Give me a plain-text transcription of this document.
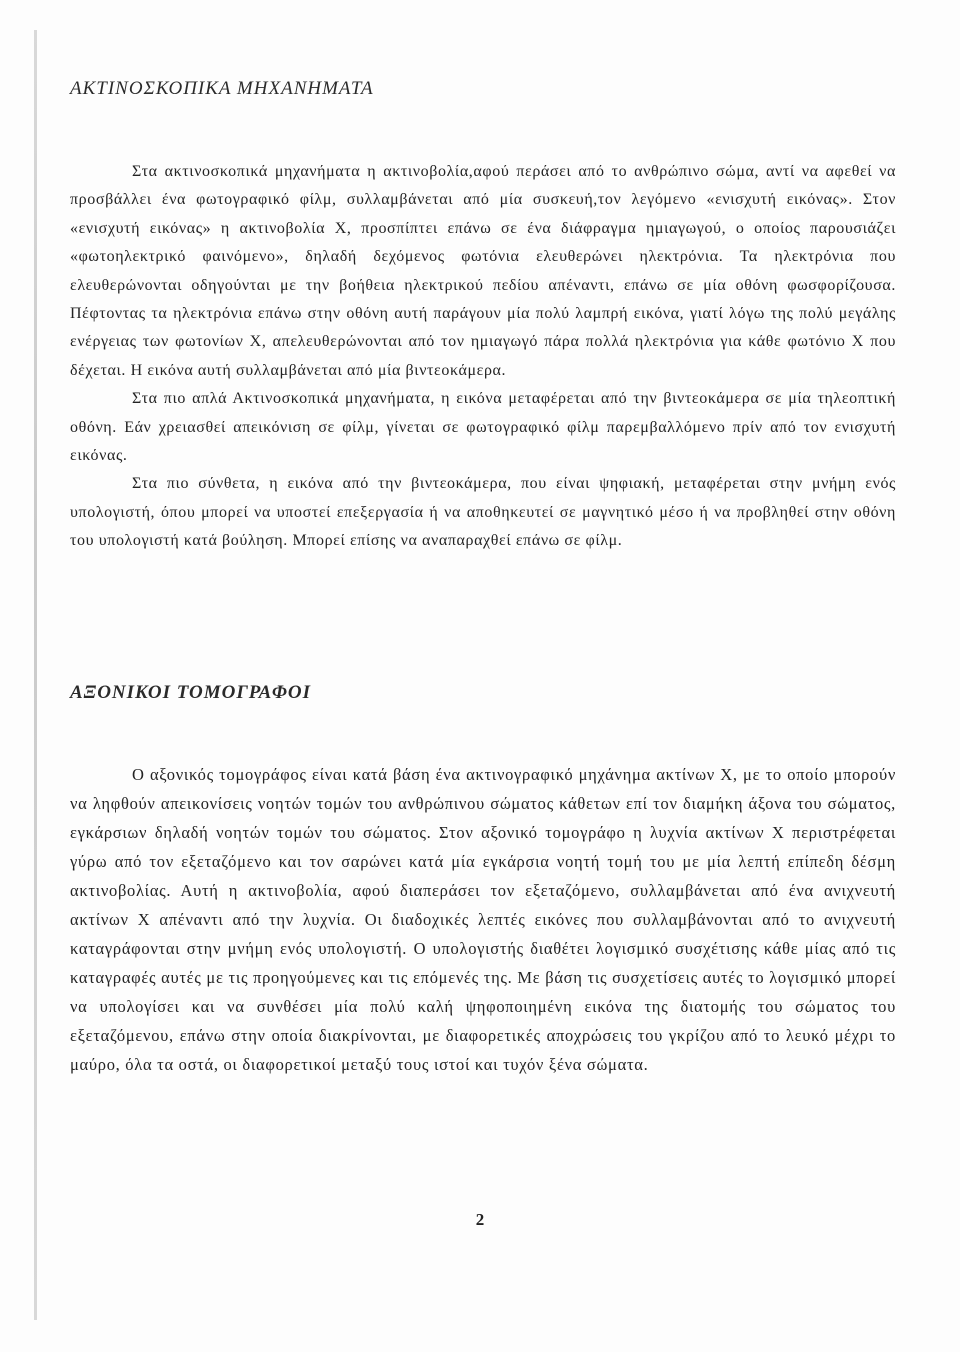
ΑΚΤΙΝΟΣΚΟΠΙΚΑ ΜΗΧΑΝΗΜΑΤΑ

Στα ακτινοσκοπικά μηχανήματα η ακτινοβολία,αφού περάσει από το ανθρώπινο σώμα, αντί να αφεθεί να προσβάλλει ένα φωτογραφικό φίλμ, συλλαμβάνεται από μία συσκευή,τον λεγόμενο «ενισχυτή εικόνας». Στον «ενισχυτή εικόνας» η ακτινοβολία X, προσπίπτει επάνω σε ένα διάφραγμα ημιαγωγού, ο οποίος παρουσιάζει «φωτοηλεκτρικό φαινόμενο», δηλαδή δεχόμενος φωτόνια ελευθερώνει ηλεκτρόνια. Τα ηλεκτρόνια που ελευθερώνονται οδηγούνται με την βοήθεια ηλεκτρικού πεδίου απέναντι, επάνω σε μία οθόνη φωσφορίζουσα. Πέφτοντας τα ηλεκτρόνια επάνω στην οθόνη αυτή παράγουν μία πολύ λαμπρή εικόνα, γιατί λόγω της πολύ μεγάλης ενέργειας των φωτονίων X, απελευθερώνονται από τον ημιαγωγό πάρα πολλά ηλεκτρόνια για κάθε φωτόνιο X που δέχεται. Η εικόνα αυτή συλλαμβάνεται από μία βιντεοκάμερα.

Στα πιο απλά Ακτινοσκοπικά μηχανήματα, η εικόνα μεταφέρεται από την βιντεοκάμερα σε μία τηλεοπτική οθόνη. Εάν χρειασθεί απεικόνιση σε φίλμ, γίνεται σε φωτογραφικό φίλμ παρεμβαλλόμενο πρίν από τον ενισχυτή εικόνας.

Στα πιο σύνθετα, η εικόνα από την βιντεοκάμερα, που είναι ψηφιακή, μεταφέρεται στην μνήμη ενός υπολογιστή, όπου μπορεί να υποστεί επεξεργασία ή να αποθηκευτεί σε μαγνητικό μέσο ή να προβληθεί στην οθόνη του υπολογιστή κατά βούληση. Μπορεί επίσης να αναπαραχθεί επάνω σε φίλμ.

ΑΞΟΝΙΚΟΙ ΤΟΜΟΓΡΑΦΟΙ

Ο αξονικός τομογράφος είναι κατά βάση ένα ακτινογραφικό μηχάνημα ακτίνων X, με το οποίο μπορούν να ληφθούν απεικονίσεις νοητών τομών του ανθρώπινου σώματος κάθετων επί τον διαμήκη άξονα του σώματος, εγκάρσιων δηλαδή νοητών τομών του σώματος. Στον αξονικό τομογράφο η λυχνία ακτίνων X περιστρέφεται γύρω από τον εξεταζόμενο και τον σαρώνει κατά μία εγκάρσια νοητή τομή του με μία λεπτή επίπεδη δέσμη ακτινοβολίας. Αυτή η ακτινοβολία, αφού διαπεράσει τον εξεταζόμενο, συλλαμβάνεται από ένα ανιχνευτή ακτίνων X απέναντι από την λυχνία. Οι διαδοχικές λεπτές εικόνες που συλλαμβάνονται από το ανιχνευτή καταγράφονται στην μνήμη ενός υπολογιστή. Ο υπολογιστής διαθέτει λογισμικό συσχέτισης κάθε μίας από τις καταγραφές αυτές με τις προηγούμενες και τις επόμενές της. Με βάση τις συσχετίσεις αυτές το λογισμικό μπορεί να υπολογίσει και να συνθέσει μία πολύ καλή ψηφοποιημένη εικόνα της διατομής του σώματος του εξεταζόμενου, επάνω στην οποία διακρίνονται, με διαφορετικές αποχρώσεις του γκρίζου από το λευκό μέχρι το μαύρο, όλα τα οστά, οι διαφορετικοί μεταξύ τους ιστοί και τυχόν ξένα σώματα.

2
